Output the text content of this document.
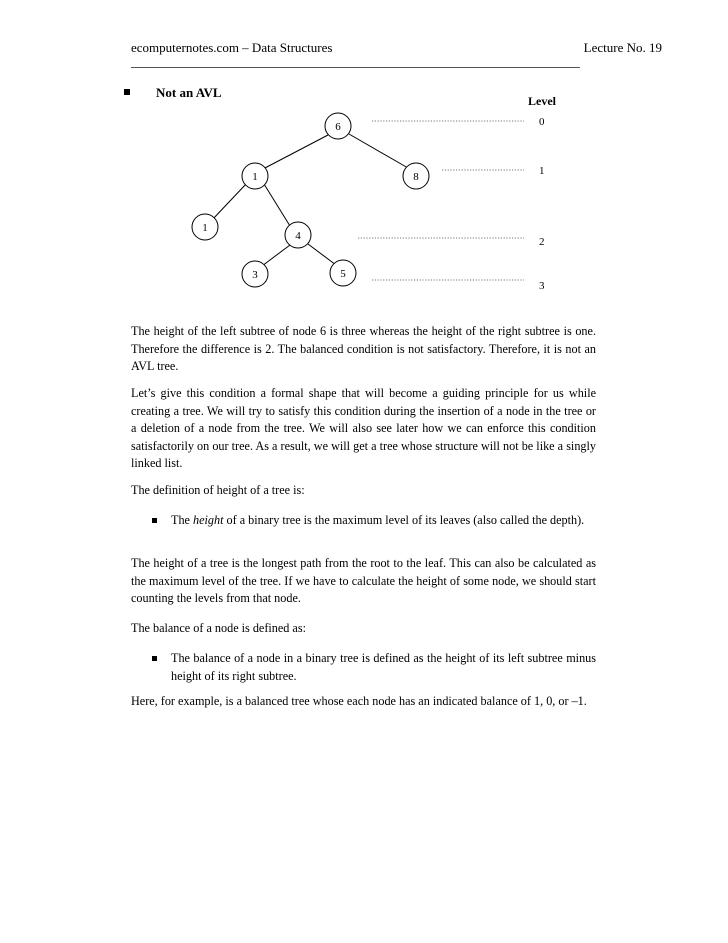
ecomputernotes.com – Data Structures	Lecture No. 19
Not an AVL
6
1	8
1
4
3	5
Level
0
1
2
3

The height of the left subtree of node 6 is three whereas the height of the right subtree is one. Therefore the difference is 2. The balanced condition is not satisfactory. Therefore, it is not an AVL tree.

Let’s give this condition a formal shape that will become a guiding principle for us while creating a tree. We will try to satisfy this condition during the insertion of a node in the tree or a deletion of a node from the tree. We will also see later how we can enforce this condition satisfactorily on our tree. As a result, we will get a tree whose structure will not be like a singly linked list.

The definition of height of a tree is:

The height of a binary tree is the maximum level of its leaves (also called the depth).

The height of a tree is the longest path from the root to the leaf. This can also be calculated as the maximum level of the tree. If we have to calculate the height of some node, we should start counting the levels from that node.

The balance of a node is defined as:

The balance of a node in a binary tree is defined as the height of its left subtree minus height of its right subtree.

Here, for example, is a balanced tree whose each node has an indicated balance of 1, 0, or –1.
